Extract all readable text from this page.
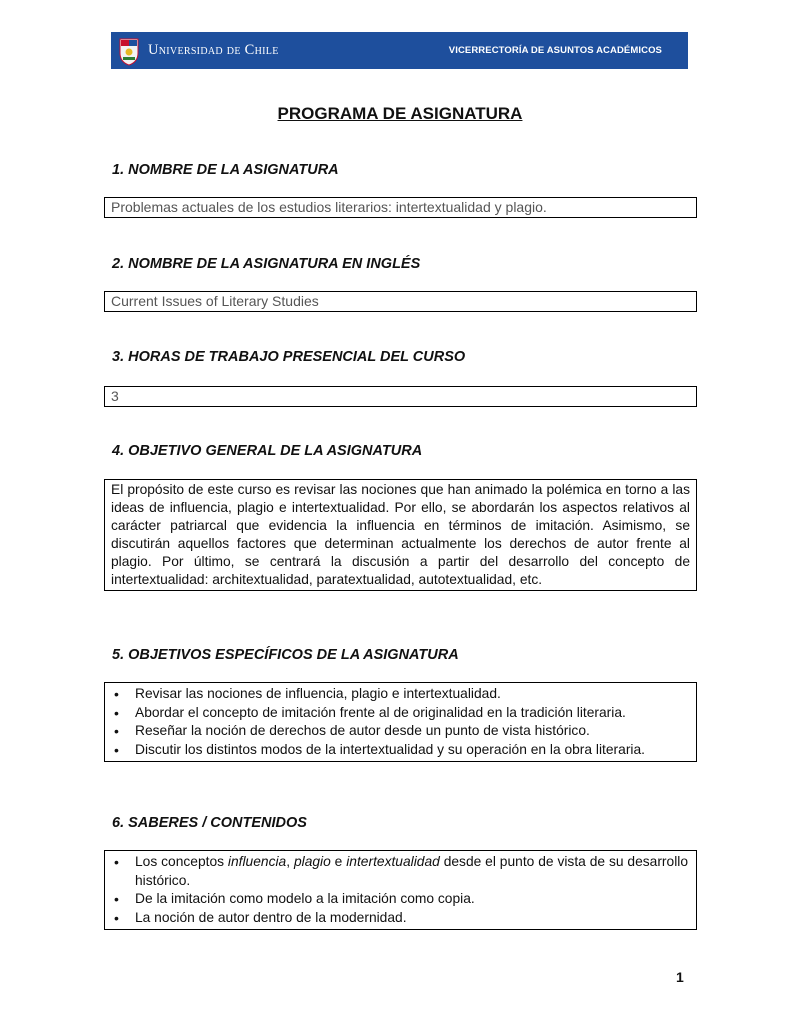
Universidad de Chile	VICERRECTORÍA DE ASUNTOS ACADÉMICOS
PROGRAMA DE ASIGNATURA
1. NOMBRE DE LA ASIGNATURA
Problemas actuales de los estudios literarios: intertextualidad y plagio.
2. NOMBRE DE LA ASIGNATURA EN INGLÉS
Current Issues of Literary Studies
3. HORAS DE TRABAJO PRESENCIAL DEL CURSO
3
4. OBJETIVO GENERAL DE LA ASIGNATURA
El propósito de este curso es revisar las nociones que han animado la polémica en torno a las ideas de influencia, plagio e intertextualidad. Por ello, se abordarán los aspectos relativos al carácter patriarcal que evidencia la influencia en términos de imitación. Asimismo, se discutirán aquellos factores que determinan actualmente los derechos de autor frente al plagio. Por último, se centrará la discusión a partir del desarrollo del concepto de intertextualidad: architextualidad, paratextualidad, autotextualidad, etc.
5. OBJETIVOS ESPECÍFICOS DE LA ASIGNATURA
• Revisar las nociones de influencia, plagio e intertextualidad.
• Abordar el concepto de imitación frente al de originalidad en la tradición literaria.
• Reseñar la noción de derechos de autor desde un punto de vista histórico.
• Discutir los distintos modos de la intertextualidad y su operación en la obra literaria.
6. SABERES / CONTENIDOS
• Los conceptos influencia, plagio e intertextualidad desde el punto de vista de su desarrollo histórico.
• De la imitación como modelo a la imitación como copia.
• La noción de autor dentro de la modernidad.
1
